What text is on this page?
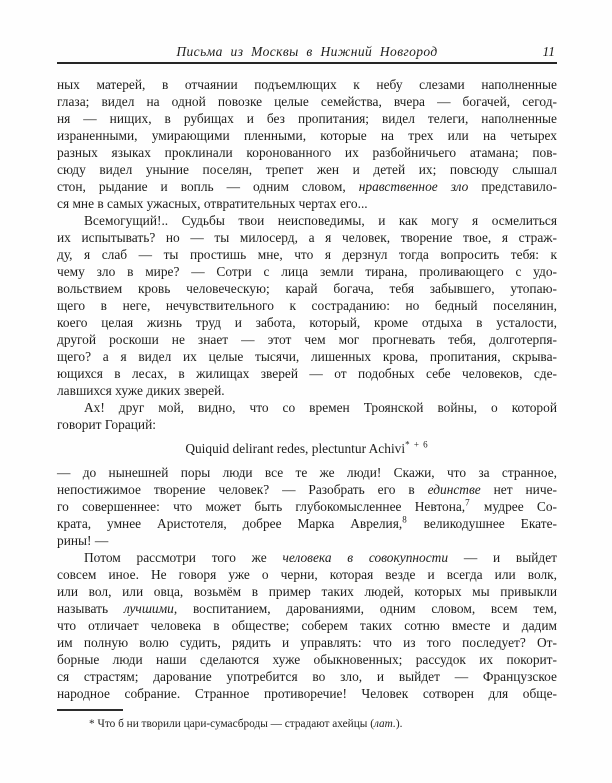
Письма из Москвы в Нижний Новгород	11
ных матерей, в отчаянии подъемлющих к небу слезами наполненные
глаза; видел на одной повозке целые семейства, вчера — богачей, сегод-
ня — нищих, в рубищах и без пропитания; видел телеги, наполненные
израненными, умирающими пленными, которые на трех или на четырех
разных языках проклинали коронованного их разбойничьего атамана; пов-
сюду видел уныние поселян, трепет жен и детей их; повсюду слышал
стон, рыдание и вопль — одним словом, нравственное зло представило-
ся мне в самых ужасных, отвратительных чертах его...
Всемогущий!.. Судьбы твои неисповедимы, и как могу я осмелиться
их испытывать? но — ты милосерд, а я человек, творение твое, я страж-
ду, я слаб — ты простишь мне, что я дерзнул тогда вопросить тебя: к
чему зло в мире? — Сотри с лица земли тирана, проливающего с удо-
вольствием кровь человеческую; карай богача, тебя забывшего, утопаю-
щего в неге, нечувствительного к состраданию: но бедный поселянин,
коего целая жизнь труд и забота, который, кроме отдыха в усталости,
другой роскоши не знает — этот чем мог прогневать тебя, долготерпя-
щего? а я видел их целые тысячи, лишенных крова, пропитания, скрыва-
ющихся в лесах, в жилищах зверей — от подобных себе человеков, сде-
лавшихся хуже диких зверей.
Ах! друг мой, видно, что со времен Троянской войны, о которой
говорит Гораций:
Quiquid delirant redes, plectuntur Achivi$^{* + 6}$
— до нынешней поры люди все те же люди! Скажи, что за странное,
непостижимое творение человек? — Разобрать его в единстве нет ниче-
го совершеннее: что может быть глубокомысленнее Невтона,$^7$ мудрее Со-
крата, умнее Аристотеля, добрее Марка Аврелия,$^8$ великодушнее Екате-
рины! —
Потом рассмотри того же человека в совокупности — и выйдет
совсем иное. Не говоря уже о черни, которая везде и всегда или волк,
или вол, или овца, возьмём в пример таких людей, которых мы привыкли
называть лучшими, воспитанием, дарованиями, одним словом, всем тем,
что отличает человека в обществе; соберем таких сотню вместе и дадим
им полную волю судить, рядить и управлять: что из того последует? От-
борные люди наши сделаются хуже обыкновенных; рассудок их покорит-
ся страстям; дарование употребится во зло, и выйдет — Французское
народное собрание. Странное противоречие! Человек сотворен для обще-
* Что б ни творили цари-сумасброды — страдают ахейцы (лат.).
